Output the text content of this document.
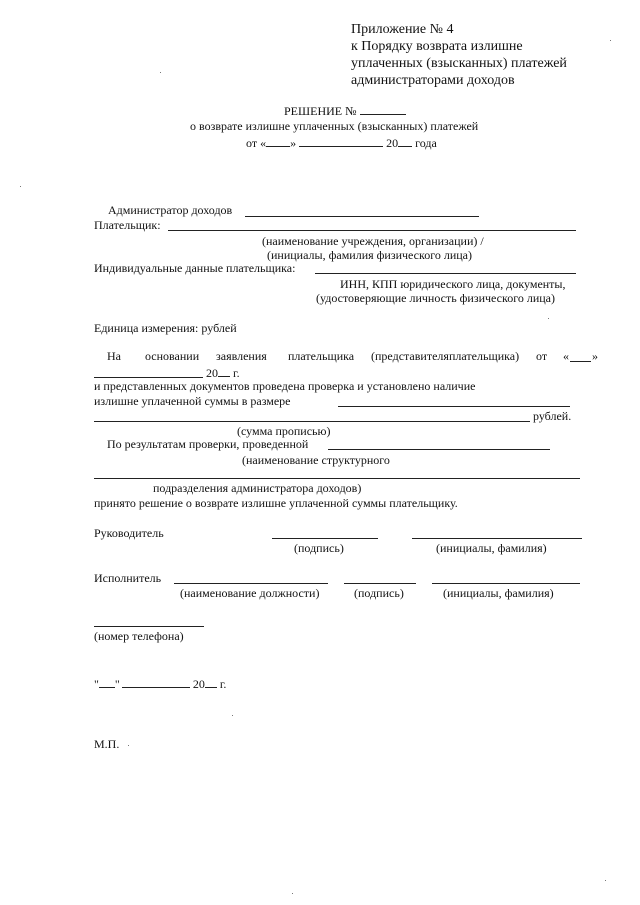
Приложение № 4
к Порядку возврата излишне
уплаченных (взысканных) платежей
администраторами доходов
РЕШЕНИЕ №
о возврате излишне уплаченных (взысканных) платежей
от « »	20 года
Администратор доходов
Плательщик:
(наименование учреждения, организации) /
(инициалы, фамилия физического лица)
Индивидуальные данные плательщика:
ИНН, КПП юридического лица, документы,
(удостоверяющие личность физического лица)
Единица измерения: рублей
На основании заявления плательщика (представителя плательщика) от « »
20 г.
и представленных документов проведена проверка и установлено наличие
излишне уплаченной суммы в размере
рублей.
(сумма прописью)
По результатам проверки, проведенной
(наименование структурного
подразделения администратора доходов)
принято решение о возврате излишне уплаченной суммы плательщику.
Руководитель
(подпись)	(инициалы, фамилия)
Исполнитель
(наименование должности)	(подпись)	(инициалы, фамилия)
(номер телефона)
" "	20 г.
М.П.
